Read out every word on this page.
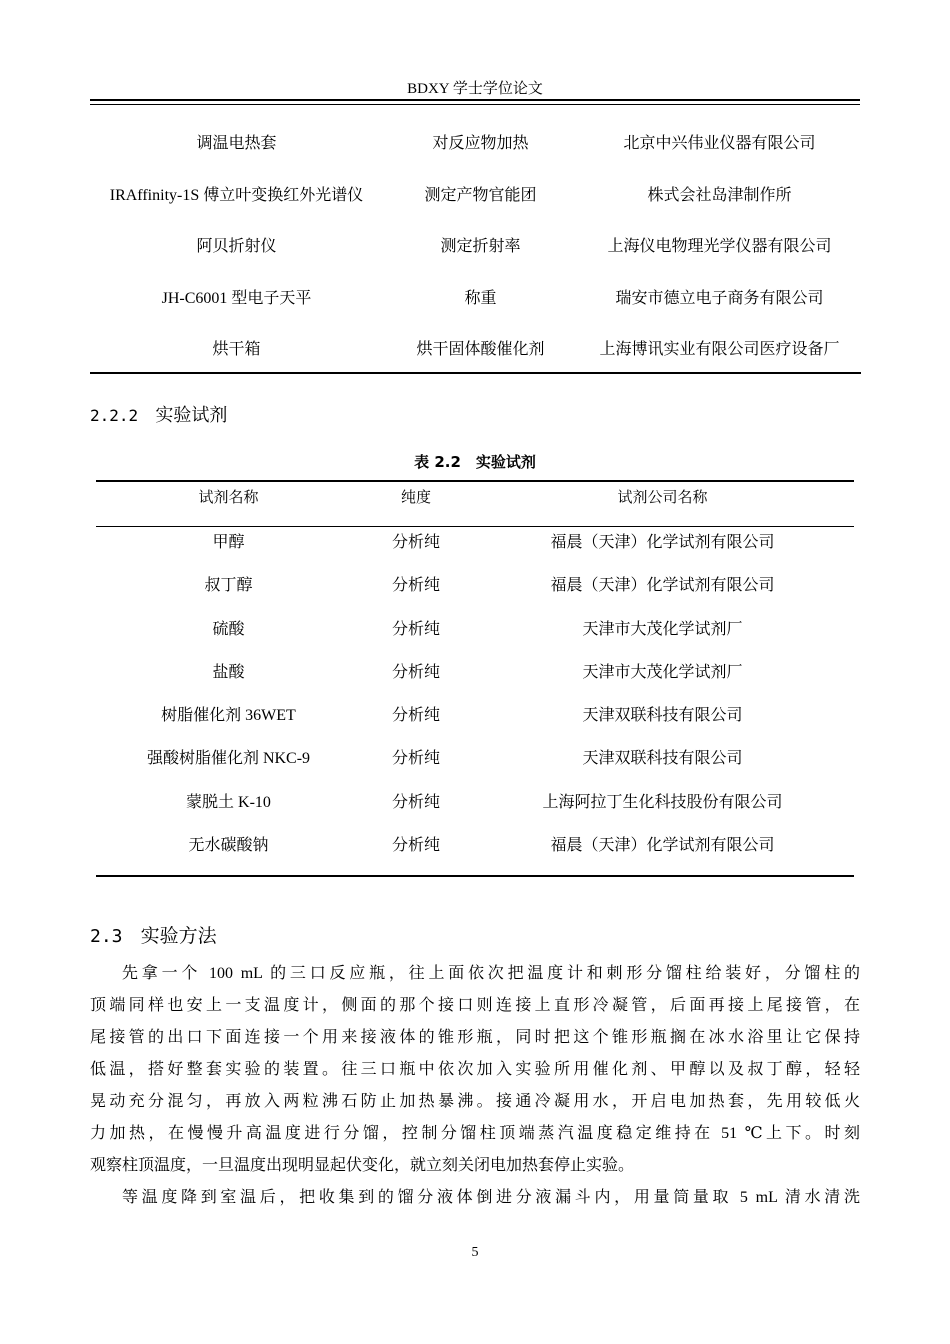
BDXY 学士学位论文
调温电热套	对反应物加热	北京中兴伟业仪器有限公司
IRAffinity-1S 傅立叶变换红外光谱仪	测定产物官能团	株式会社岛津制作所
阿贝折射仪	测定折射率	上海仪电物理光学仪器有限公司
JH-C6001 型电子天平	称重	瑞安市德立电子商务有限公司
烘干箱	烘干固体酸催化剂	上海博讯实业有限公司医疗设备厂
2.2.2 实验试剂
表 2.2　实验试剂
试剂名称	纯度	试剂公司名称
甲醇	分析纯	福晨（天津）化学试剂有限公司
叔丁醇	分析纯	福晨（天津）化学试剂有限公司
硫酸	分析纯	天津市大茂化学试剂厂
盐酸	分析纯	天津市大茂化学试剂厂
树脂催化剂 36WET	分析纯	天津双联科技有限公司
强酸树脂催化剂 NKC-9	分析纯	天津双联科技有限公司
蒙脱土 K-10	分析纯	上海阿拉丁生化科技股份有限公司
无水碳酸钠	分析纯	福晨（天津）化学试剂有限公司
2.3 实验方法
先拿一个 100 mL 的三口反应瓶，往上面依次把温度计和刺形分馏柱给装好，分馏柱的
顶端同样也安上一支温度计，侧面的那个接口则连接上直形冷凝管，后面再接上尾接管，在
尾接管的出口下面连接一个用来接液体的锥形瓶，同时把这个锥形瓶搁在冰水浴里让它保持
低温，搭好整套实验的装置。往三口瓶中依次加入实验所用催化剂、甲醇以及叔丁醇，轻轻
晃动充分混匀，再放入两粒沸石防止加热暴沸。接通冷凝用水，开启电加热套，先用较低火
力加热，在慢慢升高温度进行分馏，控制分馏柱顶端蒸汽温度稳定维持在 51 ℃上下。时刻
观察柱顶温度，一旦温度出现明显起伏变化，就立刻关闭电加热套停止实验。
等温度降到室温后，把收集到的馏分液体倒进分液漏斗内，用量筒量取 5 mL 清水清洗
5
